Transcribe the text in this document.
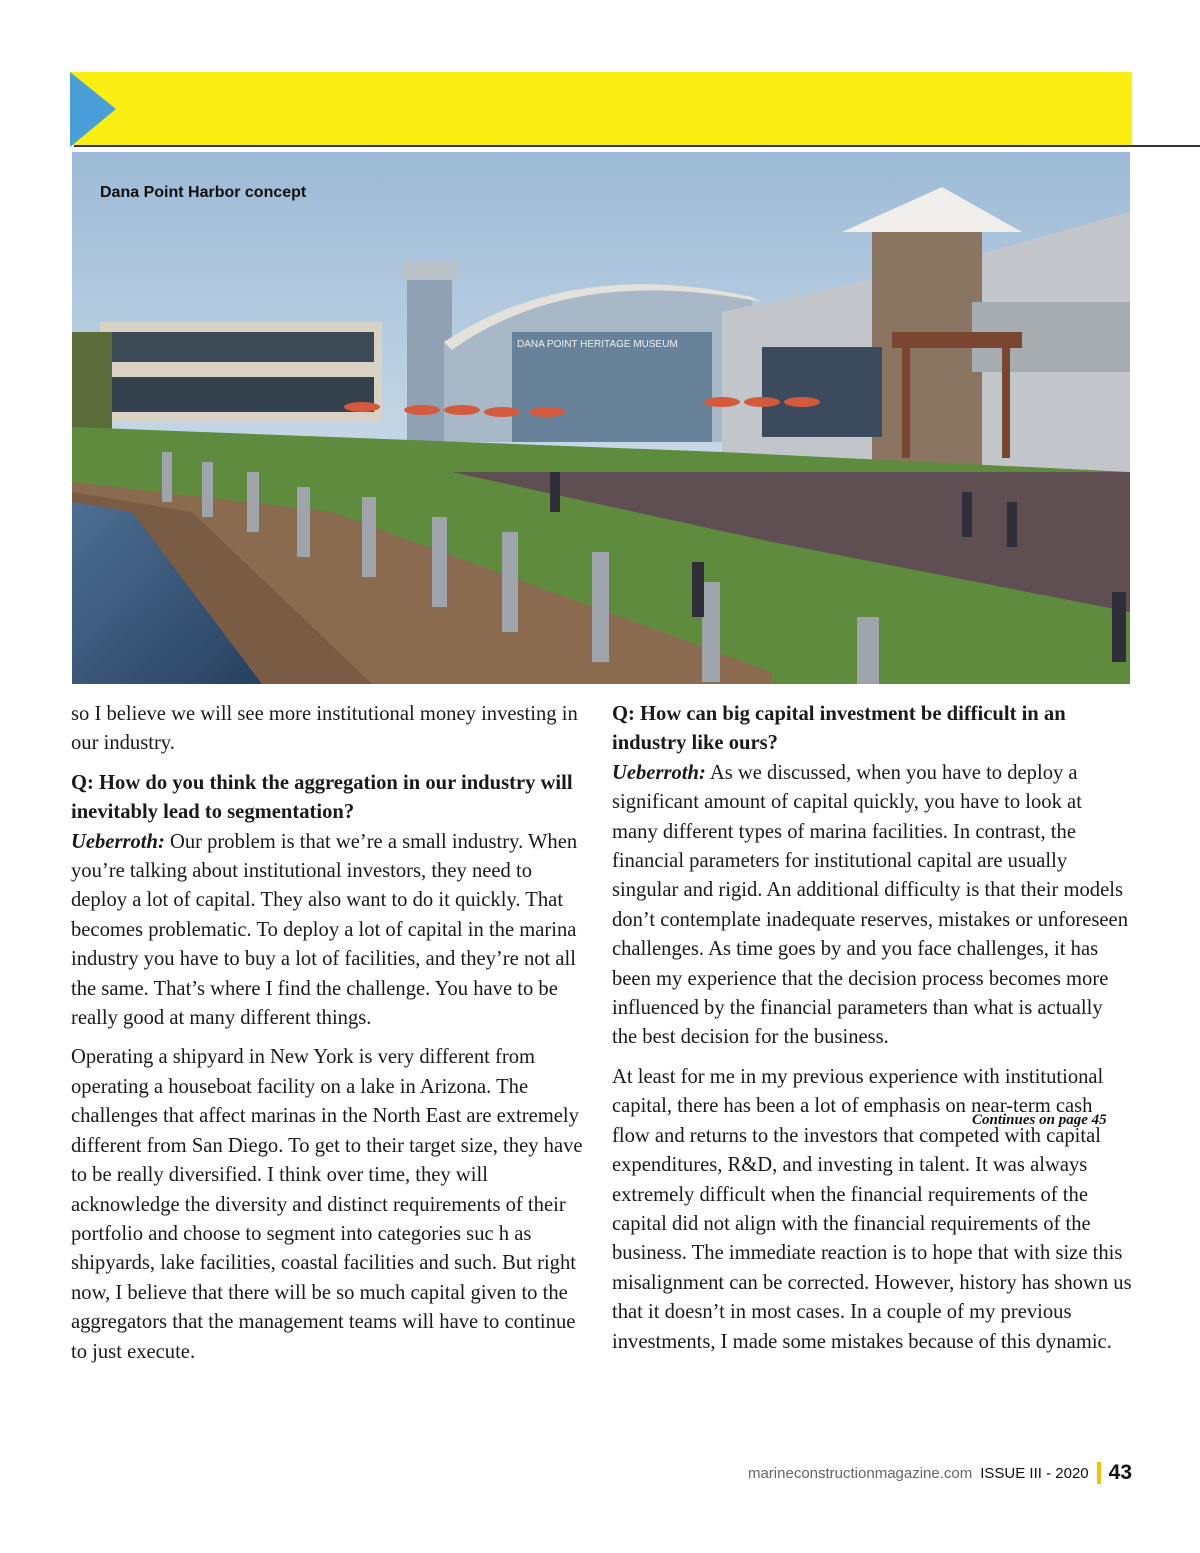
DANA POINT HERITAGE MUSEUM
Dana Point Harbor concept

so I believe we will see more institutional money investing in our industry.

Q: How do you think the aggregation in our industry will inevitably lead to segmentation?

Ueberroth: Our problem is that we’re a small industry. When you’re talking about institutional investors, they need to deploy a lot of capital. They also want to do it quickly. That becomes problematic. To deploy a lot of capital in the marina industry you have to buy a lot of facilities, and they’re not all the same. That’s where I find the challenge. You have to be really good at many different things.

Operating a shipyard in New York is very different from operating a houseboat facility on a lake in Arizona. The challenges that affect marinas in the North East are extremely different from San Diego. To get to their target size, they have to be really diversified. I think over time, they will acknowledge the diversity and distinct requirements of their portfolio and choose to segment into categories suc h as shipyards, lake facilities, coastal facilities and such. But right now, I believe that there will be so much capital given to the aggregators that the management teams will have to continue to just execute.

Q: How can big capital investment be difficult in an industry like ours?

Ueberroth: As we discussed, when you have to deploy a significant amount of capital quickly, you have to look at many different types of marina facilities. In contrast, the financial parameters for institutional capital are usually singular and rigid. An additional difficulty is that their models don’t contemplate inadequate reserves, mistakes or unforeseen challenges. As time goes by and you face challenges, it has been my experience that the decision process becomes more influenced by the financial parameters than what is actually the best decision for the business.

At least for me in my previous experience with institutional capital, there has been a lot of emphasis on near-term cash flow and returns to the investors that competed with capital expenditures, R&D, and investing in talent. It was always extremely difficult when the financial requirements of the capital did not align with the financial requirements of the business. The immediate reaction is to hope that with size this misalignment can be corrected. However, history has shown us that it doesn’t in most cases. In a couple of my previous investments, I made some mistakes because of this dynamic.

Continues on page 45
marineconstructionmagazine.com ISSUE III - 2020 43
